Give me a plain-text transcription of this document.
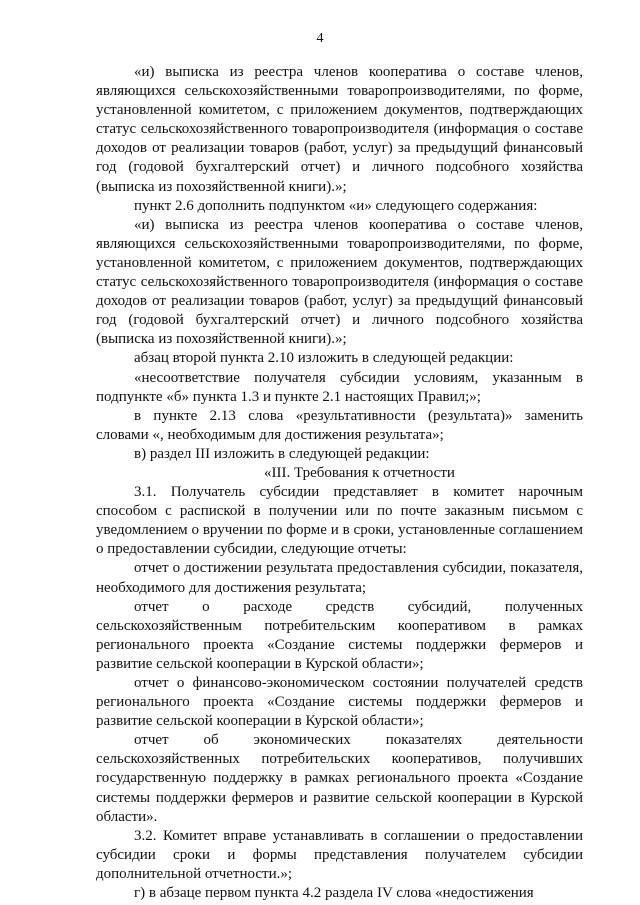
4

«и) выписка из реестра членов кооператива о составе членов, являющихся сельскохозяйственными товаропроизводителями, по форме, установленной комитетом, с приложением документов, подтверждающих статус сельскохозяйственного товаропроизводителя (информация о составе доходов от реализации товаров (работ, услуг) за предыдущий финансовый год (годовой бухгалтерский отчет) и личного подсобного хозяйства (выписка из похозяйственной книги).»;

пункт 2.6 дополнить подпунктом «и» следующего содержания:

«и) выписка из реестра членов кооператива о составе членов, являющихся сельскохозяйственными товаропроизводителями, по форме, установленной комитетом, с приложением документов, подтверждающих статус сельскохозяйственного товаропроизводителя (информация о составе доходов от реализации товаров (работ, услуг) за предыдущий финансовый год (годовой бухгалтерский отчет) и личного подсобного хозяйства (выписка из похозяйственной книги).»;

абзац второй пункта 2.10 изложить в следующей редакции:

«несоответствие получателя субсидии условиям, указанным в подпункте «б» пункта 1.3 и пункте 2.1 настоящих Правил;»;

в пункте 2.13 слова «результативности (результата)» заменить словами «, необходимым для достижения результата»;

в) раздел III изложить в следующей редакции:

«III. Требования к отчетности

3.1. Получатель субсидии представляет в комитет нарочным способом с распиской в получении или по почте заказным письмом с уведомлением о вручении по форме и в сроки, установленные соглашением о предоставлении субсидии, следующие отчеты:

отчет о достижении результата предоставления субсидии, показателя, необходимого для достижения результата;

отчет о расходе средств субсидий, полученных сельскохозяйственным потребительским кооперативом в рамках регионального проекта «Создание системы поддержки фермеров и развитие сельской кооперации в Курской области»;

отчет о финансово-экономическом состоянии получателей средств регионального проекта «Создание системы поддержки фермеров и развитие сельской кооперации в Курской области»;

отчет об экономических показателях деятельности сельскохозяйственных потребительских кооперативов, получивших государственную поддержку в рамках регионального проекта «Создание системы поддержки фермеров и развитие сельской кооперации в Курской области».

3.2. Комитет вправе устанавливать в соглашении о предоставлении субсидии сроки и формы представления получателем субсидии дополнительной отчетности.»;

г) в абзаце первом пункта 4.2 раздела IV слова «недостижения
